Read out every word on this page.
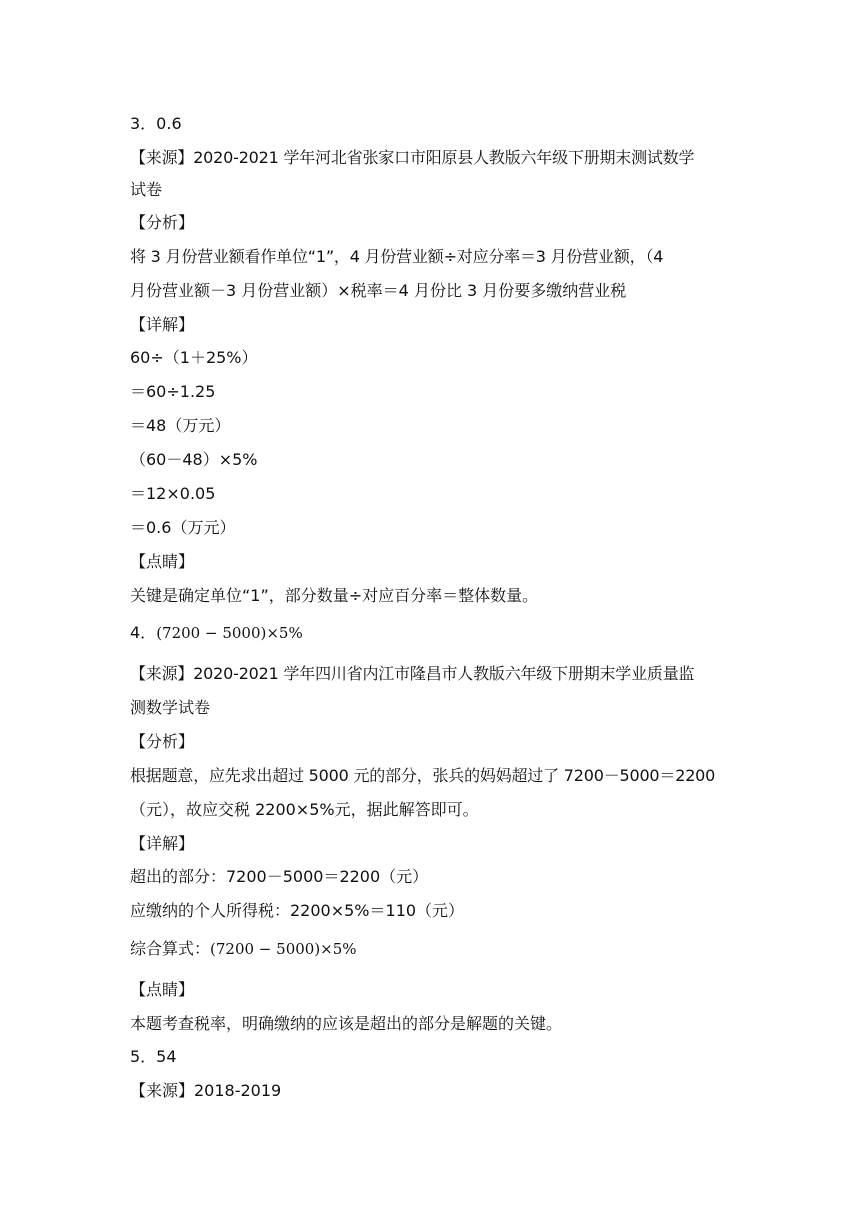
3．0.6
【来源】2020-2021 学年河北省张家口市阳原县人教版六年级下册期末测试数学
试卷
【分析】
将 3 月份营业额看作单位“1”，4 月份营业额÷对应分率＝3 月份营业额，（4
月份营业额－3 月份营业额）×税率＝4 月份比 3 月份要多缴纳营业税
【详解】
60÷（1＋25%）
＝60÷1.25
＝48（万元）
（60－48）×5%
＝12×0.05
＝0.6（万元）
【点睛】
关键是确定单位“1”，部分数量÷对应百分率＝整体数量。
4．(7200 − 5000)×5%
【来源】2020-2021 学年四川省内江市隆昌市人教版六年级下册期末学业质量监
测数学试卷
【分析】
根据题意，应先求出超过 5000 元的部分，张兵的妈妈超过了 7200－5000＝2200
（元），故应交税 2200×5%元，据此解答即可。
【详解】
超出的部分：7200－5000＝2200（元）
应缴纳的个人所得税：2200×5%＝110（元）
综合算式：(7200 − 5000)×5%
【点睛】
本题考查税率，明确缴纳的应该是超出的部分是解题的关键。
5．54
【来源】2018-2019
